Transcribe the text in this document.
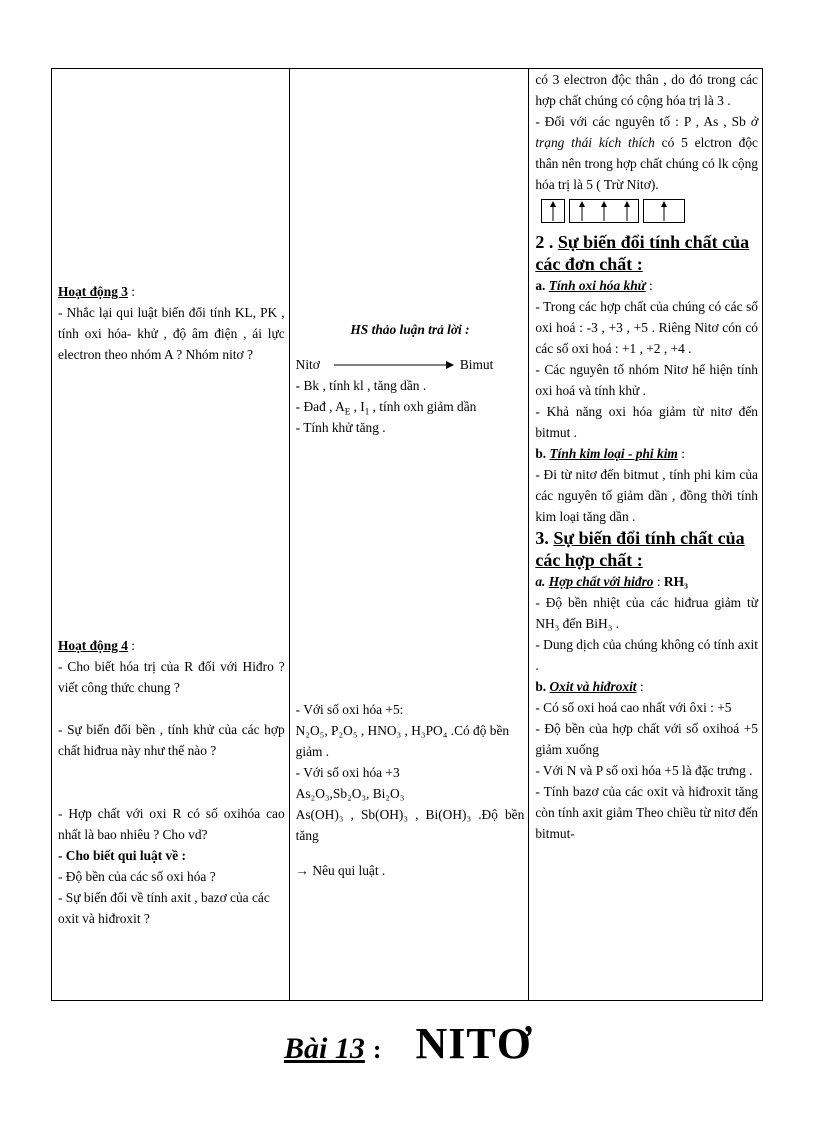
Hoạt động 3 :
- Nhắc lại qui luật biến đổi tính KL, PK , tính oxi hóa- khử , độ âm điện , ái lực electron theo nhóm A ? Nhóm nitơ ?
Hoạt động 4 :
- Cho biết hóa trị của R đối với Hiđro ? viết công thức chung ?
- Sự biến đổi bền , tính khử của các hợp chất hiđrua này như thế nào ?
- Hợp chất với oxi R có số oxihóa cao nhất là bao nhiêu ? Cho vd?
- Cho biết qui luật về :
- Độ bền của các số oxi hóa ?
- Sự biến đổi về tính axit , bazơ của các oxit và hiđroxit ?

HS thảo luận trả lời :
Nitơ	Bimut
- Bk , tính kl , tăng dần .
- Đađ , $A_E$ , $I_1$ , tính oxh giảm dần
- Tính khử tăng .
- Với số oxi hóa +5:
N₂O₅, P₂O₅ , HNO₃ , H₃PO₄ .Có độ bền giảm .
- Với số oxi hóa +3
As₂O₃,Sb₂O₃, Bi₂O₃
As(OH)₃ , Sb(OH)₃ , Bi(OH)₃ .Độ bền tăng
→ Nêu qui luật .

có 3 electron độc thân , do đó trong các hợp chất chúng có cộng hóa trị là 3 .
- Đối với các nguyên tố : P , As , Sb ở trạng thái kích thích có 5 elctron độc thân nên trong hợp chất chúng có lk cộng hóa trị là 5 ( Trừ Nitơ).
2 . Sự biến đổi tính chất của các đơn chất :
a. Tính oxi hóa khử :
- Trong các hợp chất của chúng có các số oxi hoá : -3 , +3 , +5 . Riêng Nitơ cón có các số oxi hoá : +1 , +2 , +4 .
- Các nguyên tố nhóm Nitơ hể hiện tính oxi hoá và tính khử .
- Khả năng oxi hóa giảm từ nitơ đến bitmut .
b. Tính kim loại - phi kim :
- Đi từ nitơ đến bitmut , tính phi kim của các nguyên tố giảm dần , đồng thời tính kim loại tăng dần .
3. Sự biến đổi tính chất của các hợp chất :
a. Hợp chất với hiđro : RH₃
- Độ bền nhiệt của các hiđrua giảm từ NH₃ đến BiH₃ .
- Dung dịch của chúng không có tính axit .
b. Oxit và hiđroxit :
- Có số oxi hoá cao nhất với ôxi : +5
- Độ bền của hợp chất với số oxihoá +5 giảm xuống
- Với N và P số oxi hóa +5 là đặc trưng .
- Tính bazơ của các oxit và hiđroxit tăng còn tính axit giảm Theo chiều từ nitơ đến bitmut-
Bài 13 : NITƠ
